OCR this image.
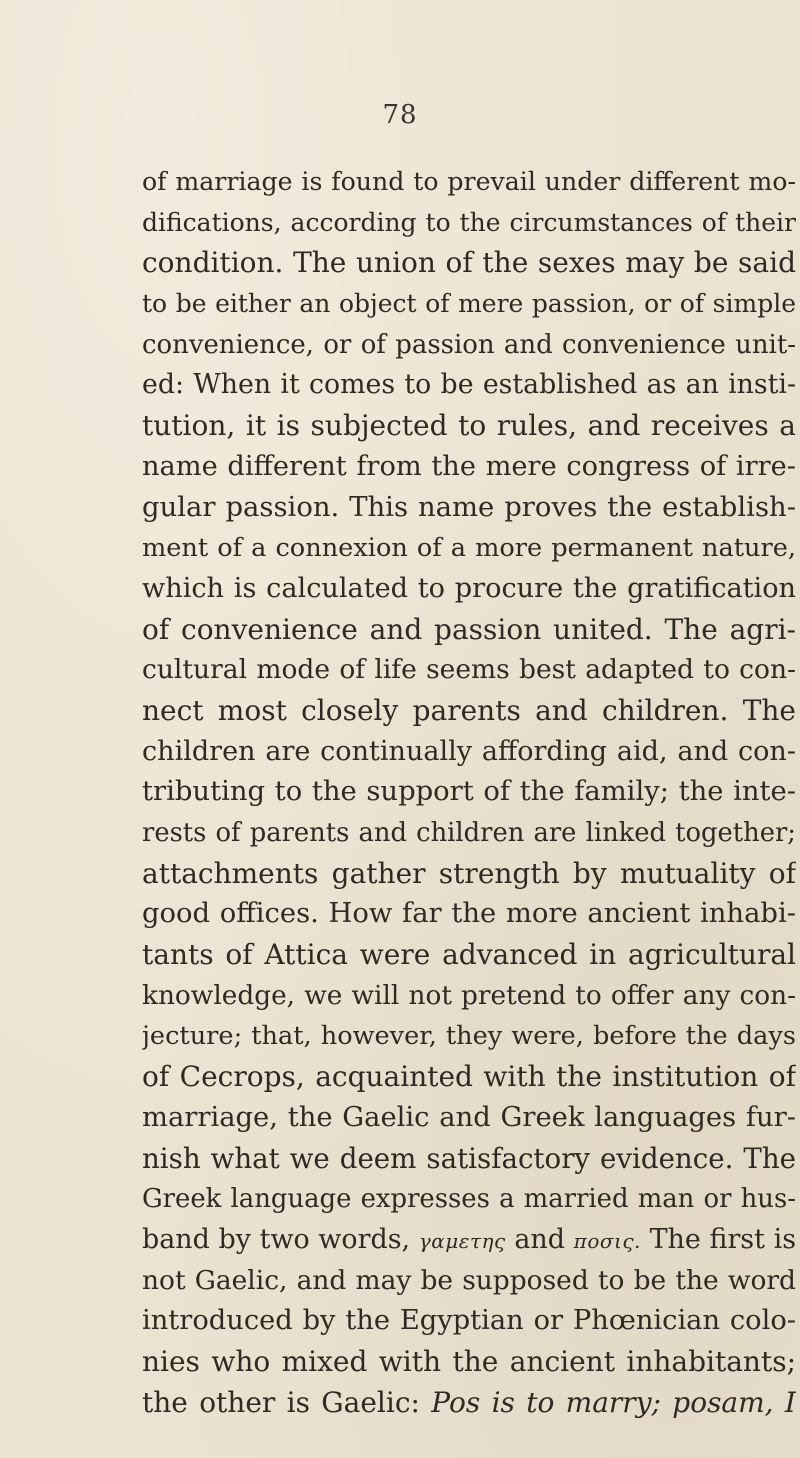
78
of marriage is found to prevail under different mo-
difications, according to the circumstances of their
condition. The union of the sexes may be said
to be either an object of mere passion, or of simple
convenience, or of passion and convenience unit-
ed: When it comes to be established as an insti-
tution, it is subjected to rules, and receives a
name different from the mere congress of irre-
gular passion. This name proves the establish-
ment of a connexion of a more permanent nature,
which is calculated to procure the gratification
of convenience and passion united. The agri-
cultural mode of life seems best adapted to con-
nect most closely parents and children. The
children are continually affording aid, and con-
tributing to the support of the family; the inte-
rests of parents and children are linked together;
attachments gather strength by mutuality of
good offices. How far the more ancient inhabi-
tants of Attica were advanced in agricultural
knowledge, we will not pretend to offer any con-
jecture; that, however, they were, before the days
of Cecrops, acquainted with the institution of
marriage, the Gaelic and Greek languages fur-
nish what we deem satisfactory evidence. The
Greek language expresses a married man or hus-
band by two words, γαμετης and ποσις. The first is
not Gaelic, and may be supposed to be the word
introduced by the Egyptian or Phœnician colo-
nies who mixed with the ancient inhabitants;
the other is Gaelic: Pos is to marry; posam, I
